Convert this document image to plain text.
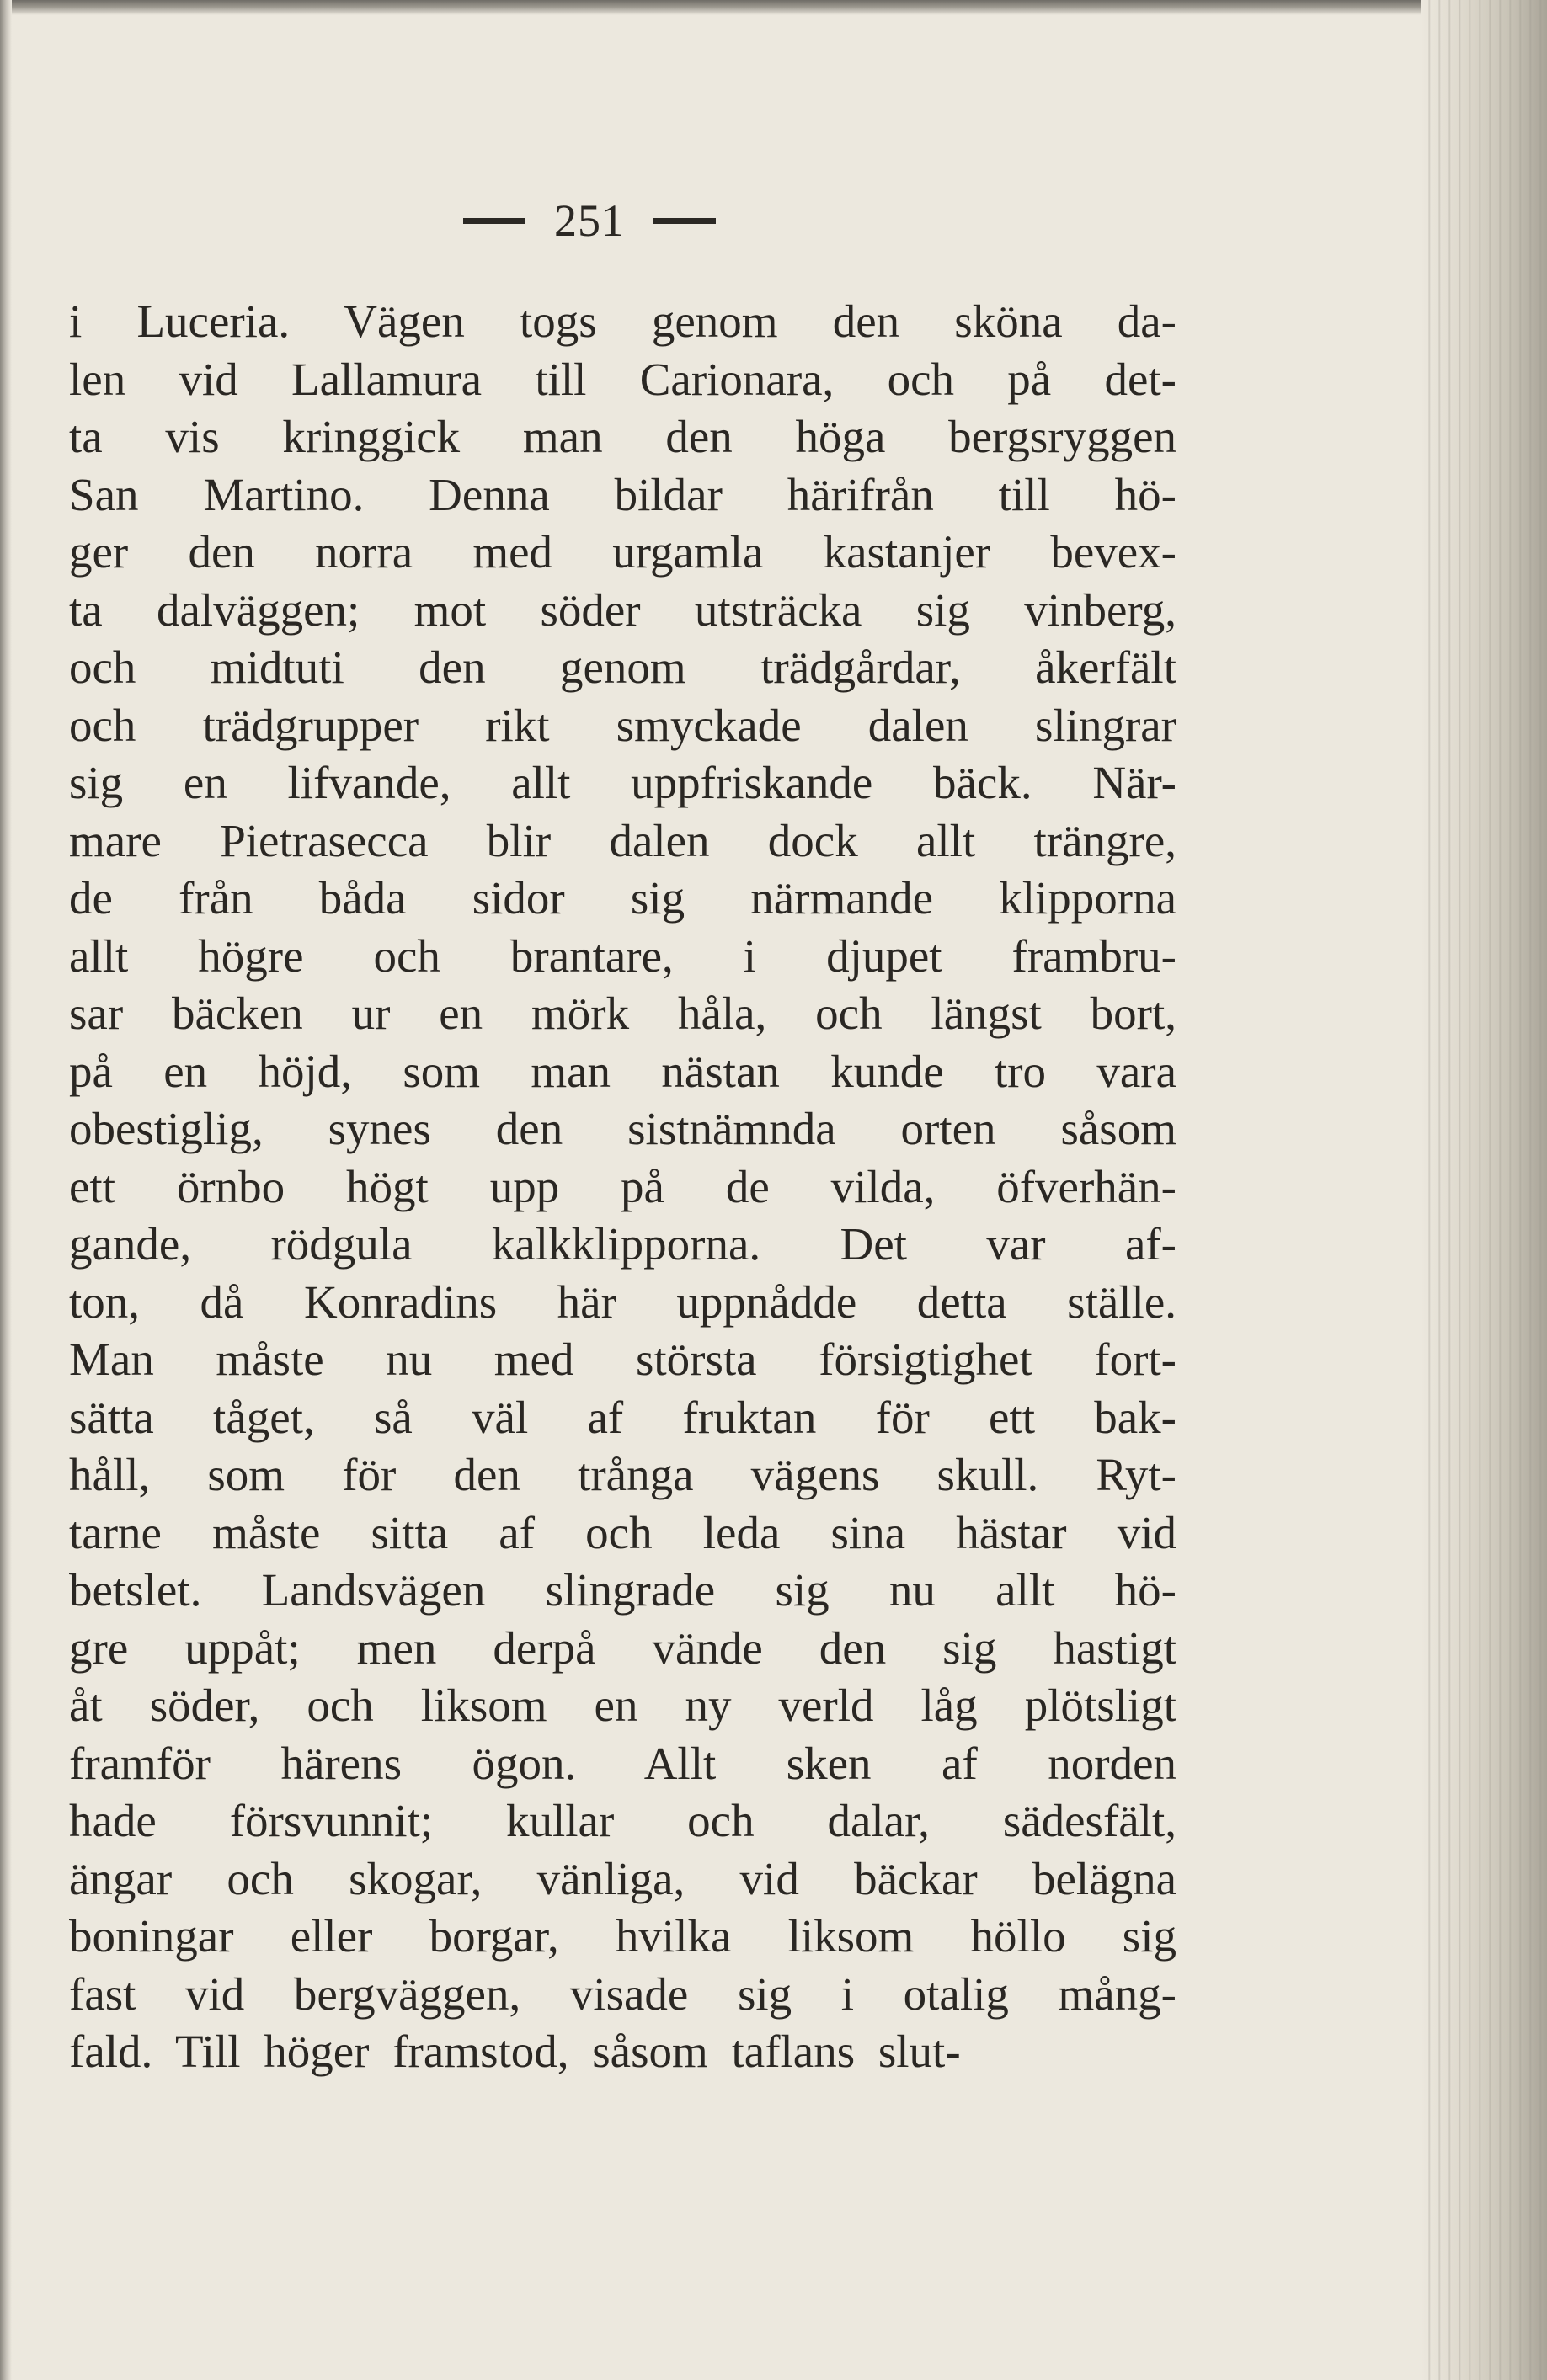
251
i Luceria. Vägen togs genom den sköna da-
len vid Lallamura till Carionara, och på det-
ta vis kringgick man den höga bergsryggen
San Martino. Denna bildar härifrån till hö-
ger den norra med urgamla kastanjer bevex-
ta dalväggen; mot söder utsträcka sig vinberg,
och midtuti den genom trädgårdar, åkerfält
och trädgrupper rikt smyckade dalen slingrar
sig en lifvande, allt uppfriskande bäck. När-
mare Pietrasecca blir dalen dock allt trängre,
de från båda sidor sig närmande klipporna
allt högre och brantare, i djupet frambru-
sar bäcken ur en mörk håla, och längst bort,
på en höjd, som man nästan kunde tro vara
obestiglig, synes den sistnämnda orten såsom
ett örnbo högt upp på de vilda, öfverhän-
gande, rödgula kalkklipporna. Det var af-
ton, då Konradins här uppnådde detta ställe.
Man måste nu med största försigtighet fort-
sätta tåget, så väl af fruktan för ett bak-
håll, som för den trånga vägens skull. Ryt-
tarne måste sitta af och leda sina hästar vid
betslet. Landsvägen slingrade sig nu allt hö-
gre uppåt; men derpå vände den sig hastigt
åt söder, och liksom en ny verld låg plötsligt
framför härens ögon. Allt sken af norden
hade försvunnit; kullar och dalar, sädesfält,
ängar och skogar, vänliga, vid bäckar belägna
boningar eller borgar, hvilka liksom höllo sig
fast vid bergväggen, visade sig i otalig mång-
fald. Till höger framstod, såsom taflans slut-
